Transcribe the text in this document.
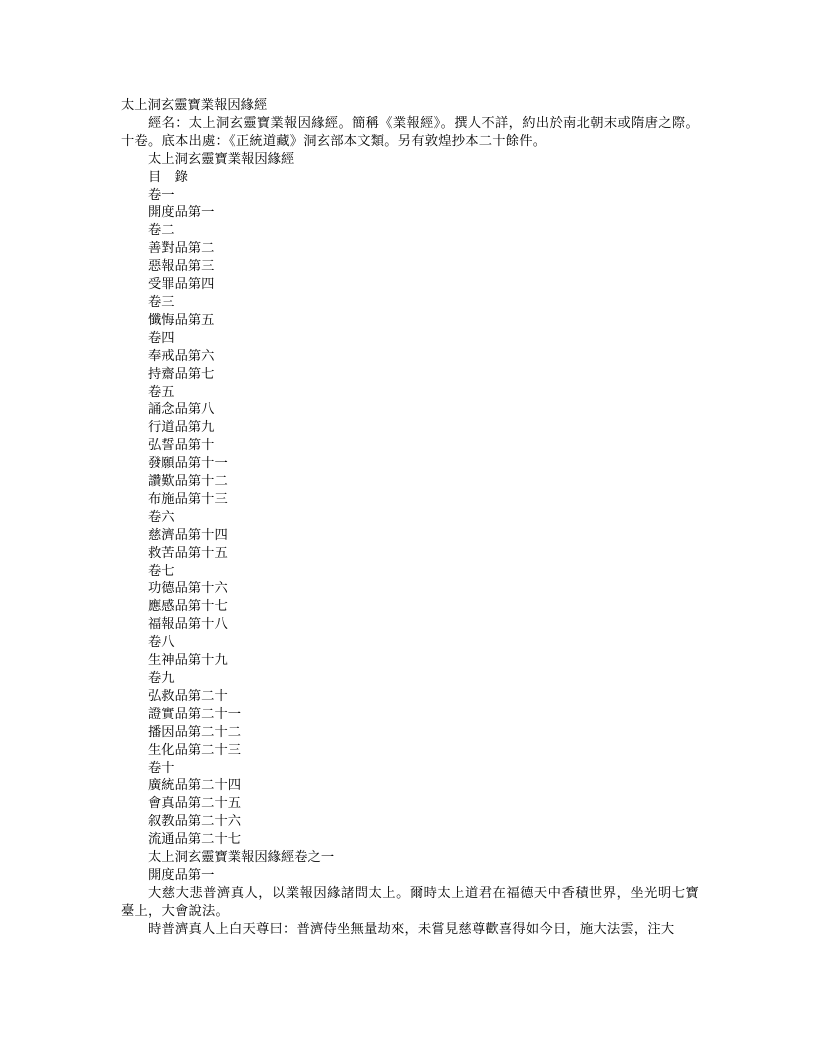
太上洞玄靈寶業報因緣經

經名：太上洞玄靈寶業報因緣經。簡稱《業報經》。撰人不詳，約出於南北朝末或隋唐之際。十卷。底本出處：《正統道藏》洞玄部本文類。另有敦煌抄本二十餘件。

太上洞玄靈寶業報因緣經

目　錄

卷一

開度品第一

卷二

善對品第二

惡報品第三

受罪品第四

卷三

懺悔品第五

卷四

奉戒品第六

持齋品第七

卷五

誦念品第八

行道品第九

弘誓品第十

發願品第十一

讚歎品第十二

布施品第十三

卷六

慈濟品第十四

救苦品第十五

卷七

功德品第十六

應感品第十七

福報品第十八

卷八

生神品第十九

卷九

弘救品第二十

證實品第二十一

播因品第二十二

生化品第二十三

卷十

廣統品第二十四

會真品第二十五

叙教品第二十六

流通品第二十七

太上洞玄靈寶業報因緣經卷之一

開度品第一

大慈大悲普濟真人，以業報因緣諸問太上。爾時太上道君在福德天中香積世界，坐光明七寶臺上，大會說法。

時普濟真人上白天尊曰：普濟侍坐無量劫來，未嘗見慈尊歡喜得如今日，施大法雲，注大
